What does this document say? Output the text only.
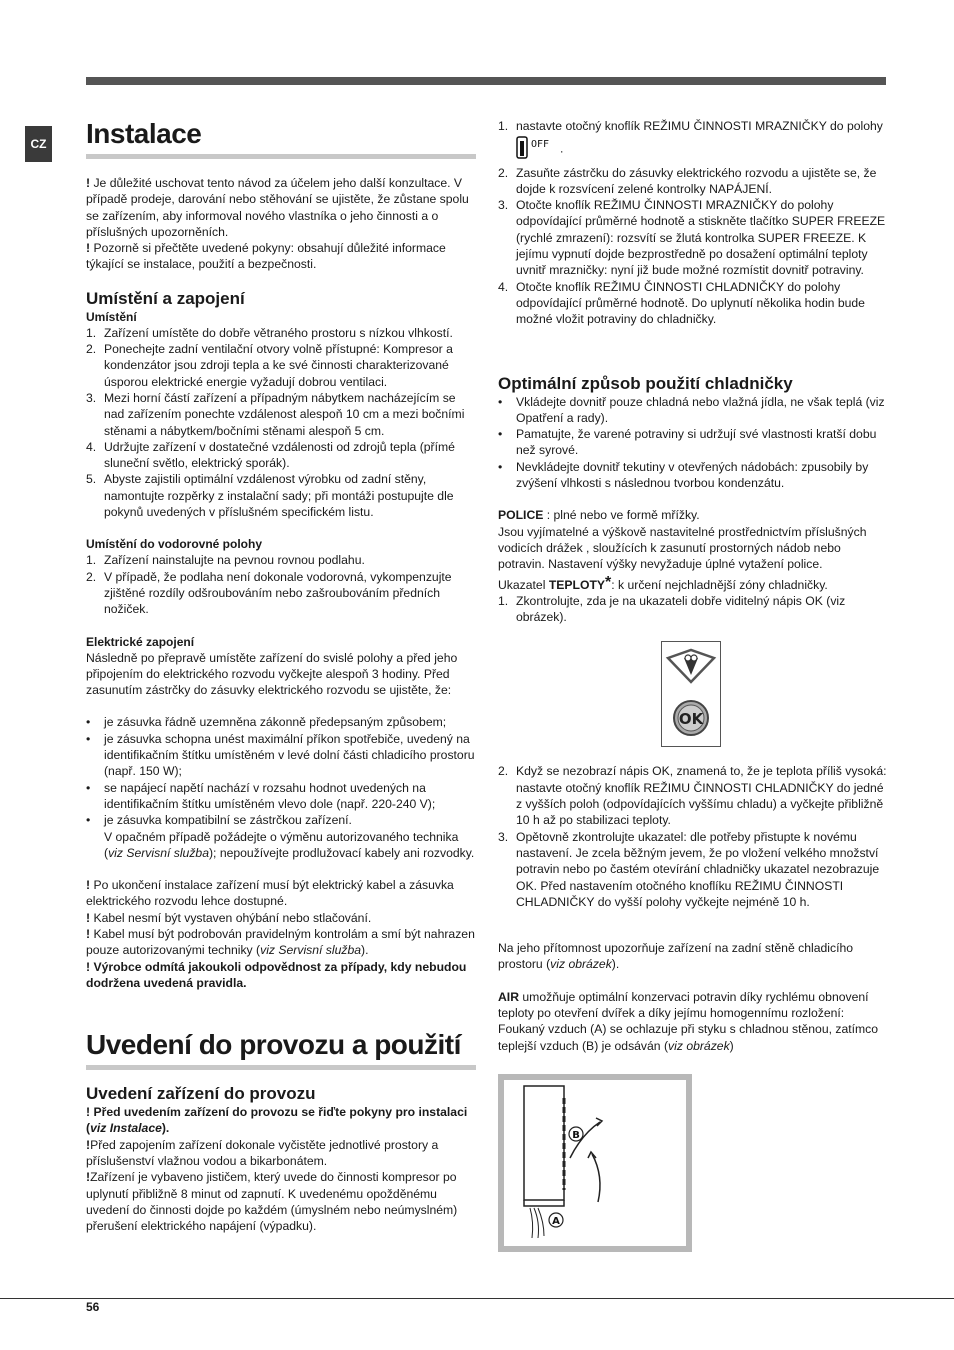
CZ Instalace

! Je důležité uschovat tento návod za účelem jeho další konzultace. V případě prodeje, darování nebo stěhování se ujistěte, že zůstane spolu se zařízením, aby informoval nového vlastníka o jeho činnosti a o příslušných upozorněních.

! Pozorně si přečtěte uvedené pokyny: obsahují důležité informace týkající se instalace, použití a bezpečnosti.

Umístění a zapojení
Umístění
1. Zařízení umístěte do dobře větraného prostoru s nízkou vlhkostí.
2. Ponechejte zadní ventilační otvory volně přístupné: Kompresor a kondenzátor jsou zdroji tepla a ke své činnosti charakterizované úsporou elektrické energie vyžadují dobrou ventilaci.
3. Mezi horní částí zařízení a případným nábytkem nacházejícím se nad zařízením ponechte vzdálenost alespoň 10 cm a mezi bočními stěnami a nábytkem/bočními stěnami alespoň 5 cm.
4. Udržujte zařízení v dostatečné vzdálenosti od zdrojů tepla (přímé sluneční světlo, elektrický sporák).
5. Abyste zajistili optimální vzdálenost výrobku od zadní stěny, namontujte rozpěrky z instalační sady; při montáži postupujte dle pokynů uvedených v příslušném specifickém listu.
Umístění do vodorovné polohy
1. Zařízení nainstalujte na pevnou rovnou podlahu.
2. V případě, že podlaha není dokonale vodorovná, vykompenzujte zjištěné rozdíly odšroubováním nebo zašroubováním předních nožiček.
Elektrické zapojení

Následně po přepravě umístěte zařízení do svislé polohy a před jeho připojením do elektrického rozvodu vyčkejte alespoň 3 hodiny. Před zasunutím zástrčky do zásuvky elektrického rozvodu se ujistěte, že:

• je zásuvka řádně uzemněna zákonně předepsaným způsobem;
• je zásuvka schopna unést maximální příkon spotřebiče, uvedený na identifikačním štítku umístěném v levé dolní části chladicího prostoru (např. 150 W);
• se napájecí napětí nachází v rozsahu hodnot uvedených na identifikačním štítku umístěném vlevo dole (např. 220-240 V);
• je zásuvka kompatibilní se zástrčkou zařízení.
V opačném případě požádejte o výměnu autorizovaného technika (viz Servisní služba); nepoužívejte prodlužovací kabely ani rozvodky.

! Po ukončení instalace zařízení musí být elektrický kabel a zásuvka elektrického rozvodu lehce dostupné.

! Kabel nesmí být vystaven ohýbání nebo stlačování.

! Kabel musí být podrobován pravidelným kontrolám a smí být nahrazen pouze autorizovanými techniky (viz Servisní služba).

! Výrobce odmítá jakoukoli odpovědnost za případy, kdy nebudou dodržena uvedená pravidla.

Uvedení do provozu a použití
Uvedení zařízení do provozu

! Před uvedením zařízení do provozu se řiďte pokyny pro instalaci (viz Instalace).

!Před zapojením zařízení dokonale vyčistěte jednotlivé prostory a příslušenství vlažnou vodou a bikarbonátem.

!Zařízení je vybaveno jističem, který uvede do činnosti kompresor po uplynutí přibližně 8 minut od zapnutí. K uvedenému opožděnému uvedení do činnosti dojde po každém (úmyslném nebo neúmyslném) přerušení elektrického napájení (výpadku).

1. nastavte otočný knoflík REŽIMU ČINNOSTI MRAZNIČKY do polohy

OFF .
2. Zasuňte zástrčku do zásuvky elektrického rozvodu a ujistěte se, že dojde k rozsvícení zelené kontrolky NAPÁJENÍ.
3. Otočte knoflík REŽIMU ČINNOSTI MRAZNIČKY do polohy odpovídající průměrné hodnotě a stiskněte tlačítko SUPER FREEZE (rychlé zmrazení): rozsvítí se žlutá kontrolka SUPER FREEZE. K jejímu vypnutí dojde bezprostředně po dosažení optimální teploty uvnitř mrazničky: nyní již bude možné rozmístit dovnitř potraviny.
4. Otočte knoflík REŽIMU ČINNOSTI CHLADNIČKY do polohy odpovídající průměrné hodnotě. Do uplynutí několika hodin bude možné vložit potraviny do chladničky.
Optimální způsob použití chladničky
• Vkládejte dovnitř pouze chladná nebo vlažná jídla, ne však teplá (viz Opatření a rady).
• Pamatujte, že varené potraviny si udržují své vlastnosti kratší dobu než syrové.
• Nevkládejte dovnitř tekutiny v otevřených nádobách: zpusobily by zvýšení vlhkosti s následnou tvorbou kondenzátu.

POLICE : plné nebo ve formě mřížky.

Jsou vyjímatelné a výškově nastavitelné prostřednictvím příslušných vodicích drážek , sloužících k zasunutí prostorných nádob nebo potravin. Nastavení výšky nevyžaduje úplné vytažení police.

Ukazatel TEPLOTY*: k určení nejchladnější zóny chladničky.

1. Zkontrolujte, zda je na ukazateli dobře viditelný nápis OK (viz obrázek).
OK
2. Když se nezobrazí nápis OK, znamená to, že je teplota příliš vysoká: nastavte otočný knoflík REŽIMU ČINNOSTI CHLADNIČKY do jedné z vyšších poloh (odpovídajících vyššímu chladu) a vyčkejte přibližně 10 h až po stabilizaci teploty.
3. Opětovně zkontrolujte ukazatel: dle potřeby přistupte k novému nastavení. Je zcela běžným jevem, že po vložení velkého množství potravin nebo po častém otevírání chladničky ukazatel nezobrazuje OK. Před nastavením otočného knoflíku REŽIMU ČINNOSTI CHLADNIČKY do vyšší polohy vyčkejte nejméně 10 h.

Na jeho přítomnost upozorňuje zařízení na zadní stěně chladicího prostoru (viz obrázek).

AIR umožňuje optimální konzervaci potravin díky rychlému obnovení teploty po otevření dvířek a díky jejímu homogennímu rozložení: Foukaný vzduch (A) se ochlazuje při styku s chladnou stěnou, zatímco teplejší vzduch (B) je odsáván (viz obrázek)

B
A
56
